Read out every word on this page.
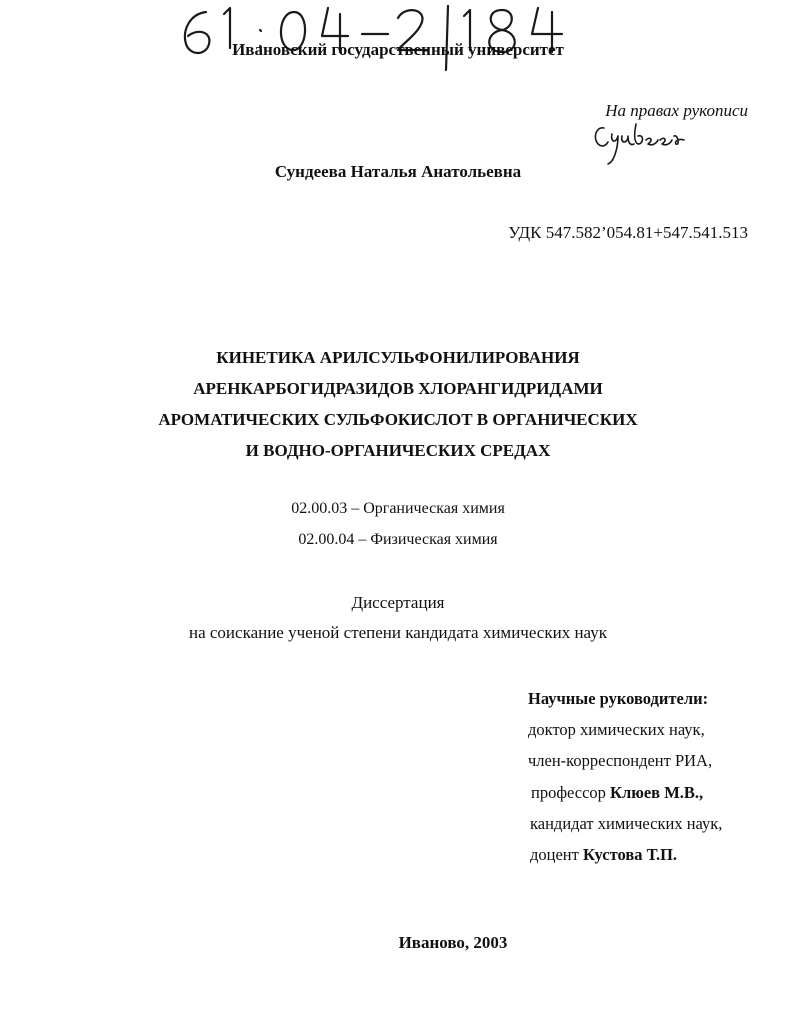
Ивановский государственный университет
На правах рукописи
Сундеева Наталья Анатольевна
УДК 547.582’054.81+547.541.513
КИНЕТИКА АРИЛСУЛЬФОНИЛИРОВАНИЯ
АРЕНКАРБОГИДРАЗИДОВ ХЛОРАНГИДРИДАМИ
АРОМАТИЧЕСКИХ СУЛЬФОКИСЛОТ В ОРГАНИЧЕСКИХ
И ВОДНО-ОРГАНИЧЕСКИХ СРЕДАХ
02.00.03 – Органическая химия
02.00.04 – Физическая химия
Диссертация
на соискание ученой степени кандидата химических наук
Научные руководители:
доктор химических наук,
член-корреспондент РИА,
профессор Клюев М.В.,
кандидат химических наук,
доцент Кустова Т.П.
Иваново, 2003
